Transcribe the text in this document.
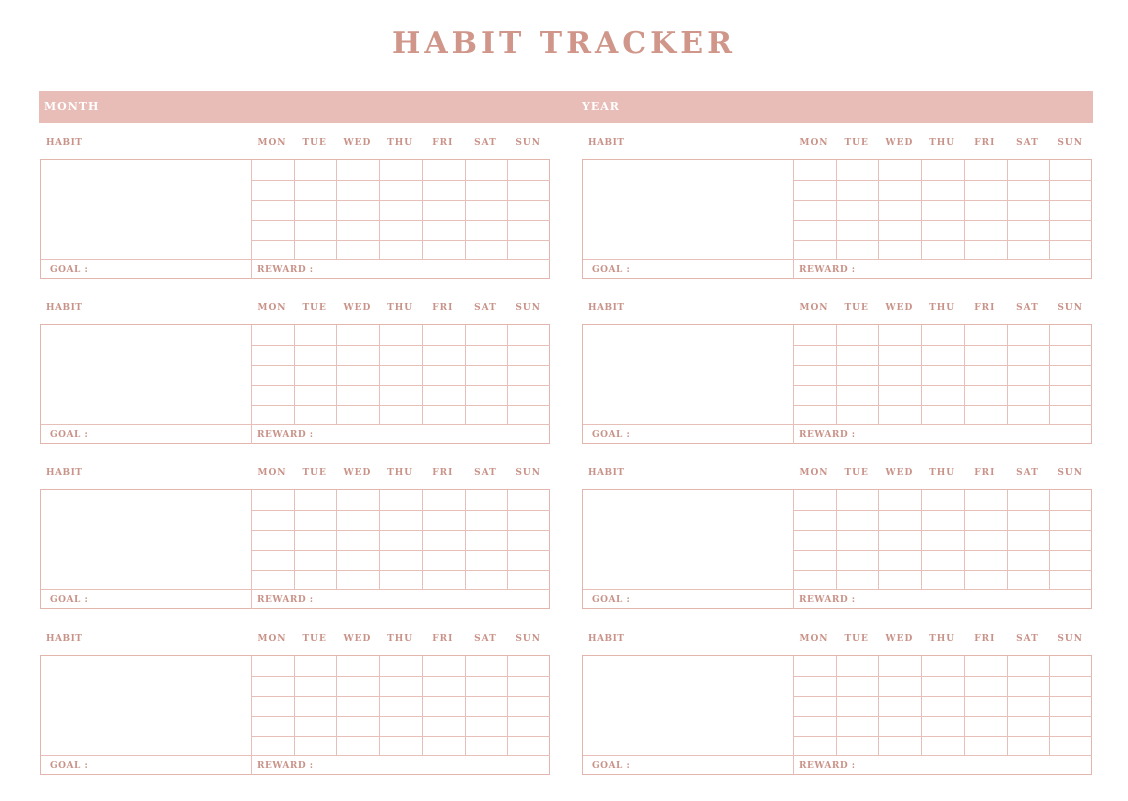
HABIT TRACKER
MONTH	YEAR
HABIT	MON	TUE	WED	THU	FRI	SAT	SUN
GOAL :	REWARD :
HABIT	MON	TUE	WED	THU	FRI	SAT	SUN
GOAL :	REWARD :
HABIT	MON	TUE	WED	THU	FRI	SAT	SUN
GOAL :	REWARD :
HABIT	MON	TUE	WED	THU	FRI	SAT	SUN
GOAL :	REWARD :
HABIT	MON	TUE	WED	THU	FRI	SAT	SUN
GOAL :	REWARD :
HABIT	MON	TUE	WED	THU	FRI	SAT	SUN
GOAL :	REWARD :
HABIT	MON	TUE	WED	THU	FRI	SAT	SUN
GOAL :	REWARD :
HABIT	MON	TUE	WED	THU	FRI	SAT	SUN
GOAL :	REWARD :
